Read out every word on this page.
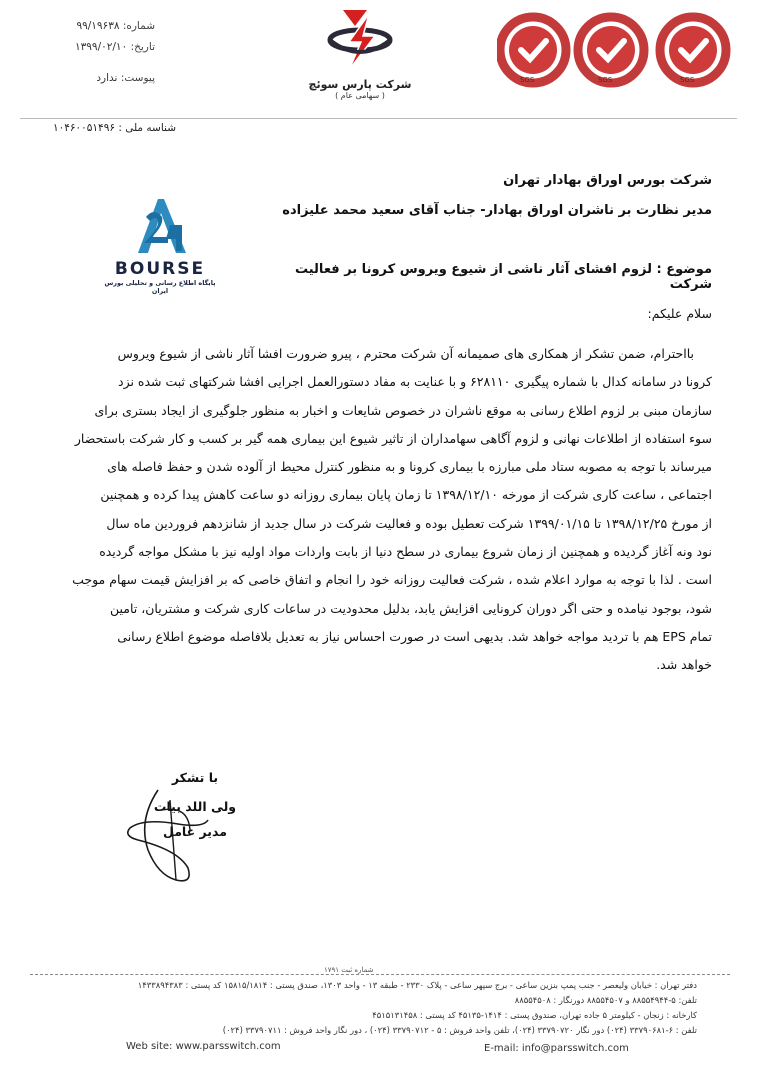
شماره: ۹۹/۱۹۶۳۸
تاریخ: ۱۳۹۹/۰۲/۱۰
پیوست: ندارد	شرکت پارس سوئچ
( سهامی عام )
SGS	SGS	SGS
شناسه ملی : ۱۰۴۶۰۰۵۱۴۹۶
شرکت بورس اوراق بهادار تهران
مدیر نظارت بر ناشران اوراق بهادار- جناب آقای سعید محمد علیزاده
BOURSE
پایگاه اطلاع رسانی و تحلیلی بورس ایران
موضوع : لزوم افشای آثار ناشی از شیوع ویروس کرونا بر فعالیت شرکت
سلام علیکم:
بااحترام، ضمن تشکر از همکاری های صمیمانه آن شرکت محترم ، پیرو ضرورت افشا آثار ناشی از شیوع ویروس
کرونا در سامانه کدال با شماره پیگیری ۶۲۸۱۱۰ و با عنایت به مفاد دستورالعمل اجرایی افشا شرکتهای ثبت شده نزد
سازمان مبنی بر لزوم اطلاع رسانی به موقع ناشران در خصوص شایعات و اخبار به منظور جلوگیری از ایجاد بستری برای
سوء استفاده از اطلاعات نهانی و لزوم آگاهی سهامداران از تاثیر شیوع این بیماری همه گیر بر کسب و کار شرکت باستحضار
میرساند با توجه به مصوبه ستاد ملی مبارزه با بیماری کرونا و به منظور کنترل محیط از آلوده شدن و حفظ فاصله های
اجتماعی ، ساعت کاری شرکت از مورخه ۱۳۹۸/۱۲/۱۰ تا زمان پایان بیماری روزانه دو ساعت کاهش پیدا کرده و همچنین
از مورخ ۱۳۹۸/۱۲/۲۵ تا ۱۳۹۹/۰۱/۱۵ شرکت تعطیل بوده و فعالیت شرکت در سال جدید از شانزدهم فروردین ماه سال
نود ونه آغاز گردیده و همچنین از زمان شروع بیماری در سطح دنیا از بابت واردات مواد اولیه نیز با مشکل مواجه گردیده
است . لذا با توجه به موارد اعلام شده ، شرکت فعالیت روزانه خود را انجام و اتفاق خاصی که بر افزایش قیمت سهام موجب
شود، بوجود نیامده و حتی اگر دوران کرونایی افزایش یابد، بدلیل محدودیت در ساعات کاری شرکت و مشتریان، تامین
تمام EPS هم با تردید مواجه خواهد شد. بدیهی است در صورت احساس نیاز به تعدیل بلافاصله موضوع اطلاع رسانی
خواهد شد.
با تشکر
ولی اللد بیات
مدیر عامل
شماره ثبت ۱۷۹۱
دفتر تهران : خیابان ولیعصر - جنب پمپ بنزین ساعی - برج سپهر ساعی - پلاک ۲۳۳۰ - طبقه ۱۳ - واحد ۱۳۰۳، صندق پستی : ۱۵۸۱۵/۱۸۱۴ کد پستی : ۱۴۳۳۸۹۴۳۸۳
تلفن: ۵-۸۸۵۵۴۹۴۴ و ۸۸۵۵۴۵۰۷ دورنگار : ۸۸۵۵۴۵۰۸
کارخانه : زنجان - کیلومتر ۵ جاده تهران، صندوق پستی : ۱۴۱۴-۴۵۱۳۵ کد پستی : ۴۵۱۵۱۳۱۴۵۸
تلفن : ۶-۳۳۷۹۰۶۸۱ (۰۲۴) دور نگار ۳۳۷۹۰۷۲۰ (۰۲۴)، تلفن واحد فروش : ۵ - ۳۳۷۹۰۷۱۲ (۰۲۴) ، دور نگار واحد فروش : ۳۳۷۹۰۷۱۱ (۰۲۴)
Web site: www.parsswitch.com	E-mail: info@parsswitch.com
